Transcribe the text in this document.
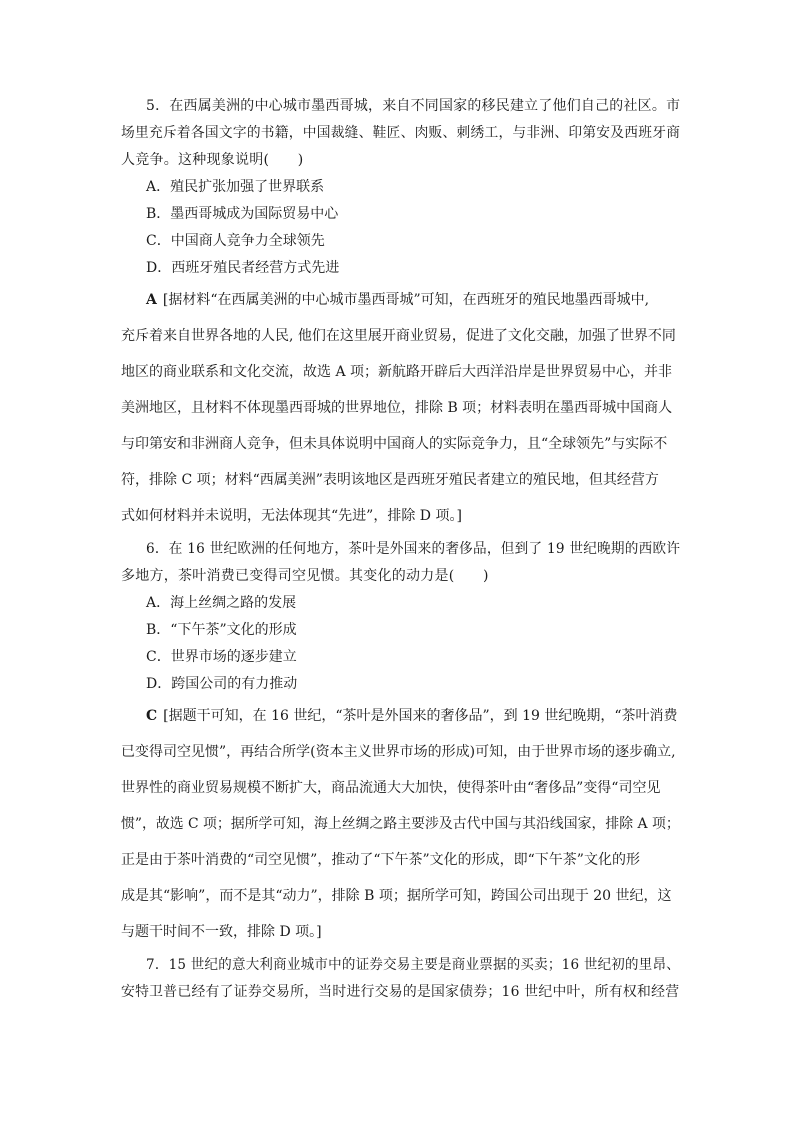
5．在西属美洲的中心城市墨西哥城，来自不同国家的移民建立了他们自己的社区。市
场里充斥着各国文字的书籍，中国裁缝、鞋匠、肉贩、刺绣工，与非洲、印第安及西班牙商
人竞争。这种现象说明(　　)
A．殖民扩张加强了世界联系
B．墨西哥城成为国际贸易中心
C．中国商人竞争力全球领先
D．西班牙殖民者经营方式先进
A [据材料“在西属美洲的中心城市墨西哥城”可知，在西班牙的殖民地墨西哥城中,
充斥着来自世界各地的人民, 他们在这里展开商业贸易，促进了文化交融，加强了世界不同
地区的商业联系和文化交流，故选 A 项；新航路开辟后大西洋沿岸是世界贸易中心，并非
美洲地区，且材料不体现墨西哥城的世界地位，排除 B 项；材料表明在墨西哥城中国商人
与印第安和非洲商人竞争，但未具体说明中国商人的实际竞争力，且“全球领先”与实际不
符，排除 C 项；材料“西属美洲”表明该地区是西班牙殖民者建立的殖民地，但其经营方
式如何材料并未说明，无法体现其“先进”，排除 D 项。]
6．在 16 世纪欧洲的任何地方，茶叶是外国来的奢侈品，但到了 19 世纪晚期的西欧许
多地方，茶叶消费已变得司空见惯。其变化的动力是(　　)
A．海上丝绸之路的发展
B．“下午茶”文化的形成
C．世界市场的逐步建立
D．跨国公司的有力推动
C [据题干可知，在 16 世纪，“茶叶是外国来的奢侈品”，到 19 世纪晚期，“茶叶消费
已变得司空见惯”，再结合所学(资本主义世界市场的形成)可知，由于世界市场的逐步确立,
世界性的商业贸易规模不断扩大，商品流通大大加快，使得茶叶由“奢侈品”变得“司空见
惯”，故选 C 项；据所学可知，海上丝绸之路主要涉及古代中国与其沿线国家，排除 A 项；
正是由于茶叶消费的“司空见惯”，推动了“下午茶”文化的形成，即“下午茶”文化的形
成是其“影响”，而不是其“动力”，排除 B 项；据所学可知，跨国公司出现于 20 世纪，这
与题干时间不一致，排除 D 项。]
7．15 世纪的意大利商业城市中的证券交易主要是商业票据的买卖；16 世纪初的里昂、
安特卫普已经有了证券交易所，当时进行交易的是国家债券；16 世纪中叶，所有权和经营
